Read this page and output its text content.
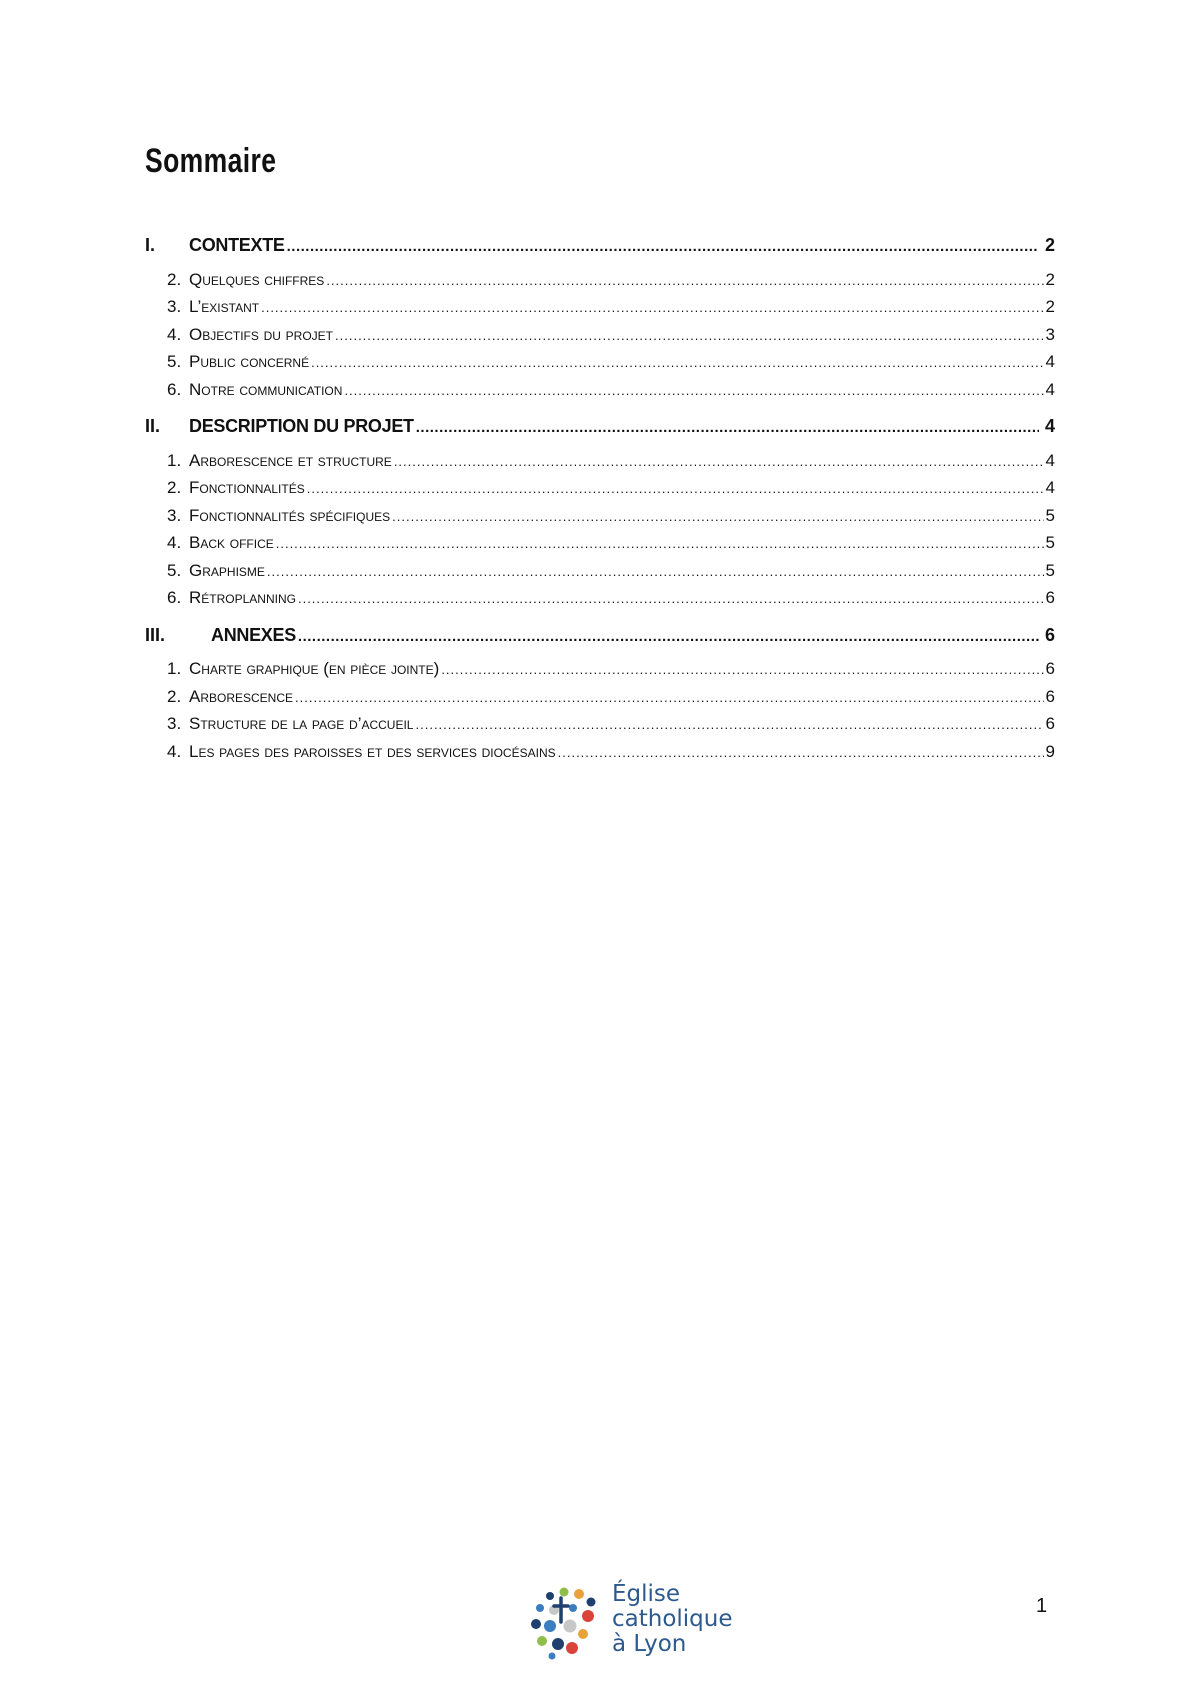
Sommaire
I.	CONTEXTE .....	2
2. Quelques chiffres .....	2
3. L’existant .....	2
4. Objectifs du projet .....	3
5. Public concerné .....	4
6. Notre communication .....	4
II.	DESCRIPTION DU PROJET .....	4
1. Arborescence et structure .....	4
2. Fonctionnalités .....	4
3. Fonctionnalités spécifiques .....	5
4. Back office .....	5
5. Graphisme .....	5
6. Rétroplanning .....	6
III.	ANNEXES .....	6
1. Charte graphique (en pièce jointe) .....	6
2. Arborescence .....	6
3. Structure de la page d’accueil .....	6
4. Les pages des paroisses et des services diocésains .....	9
Église
catholique
à Lyon
1
